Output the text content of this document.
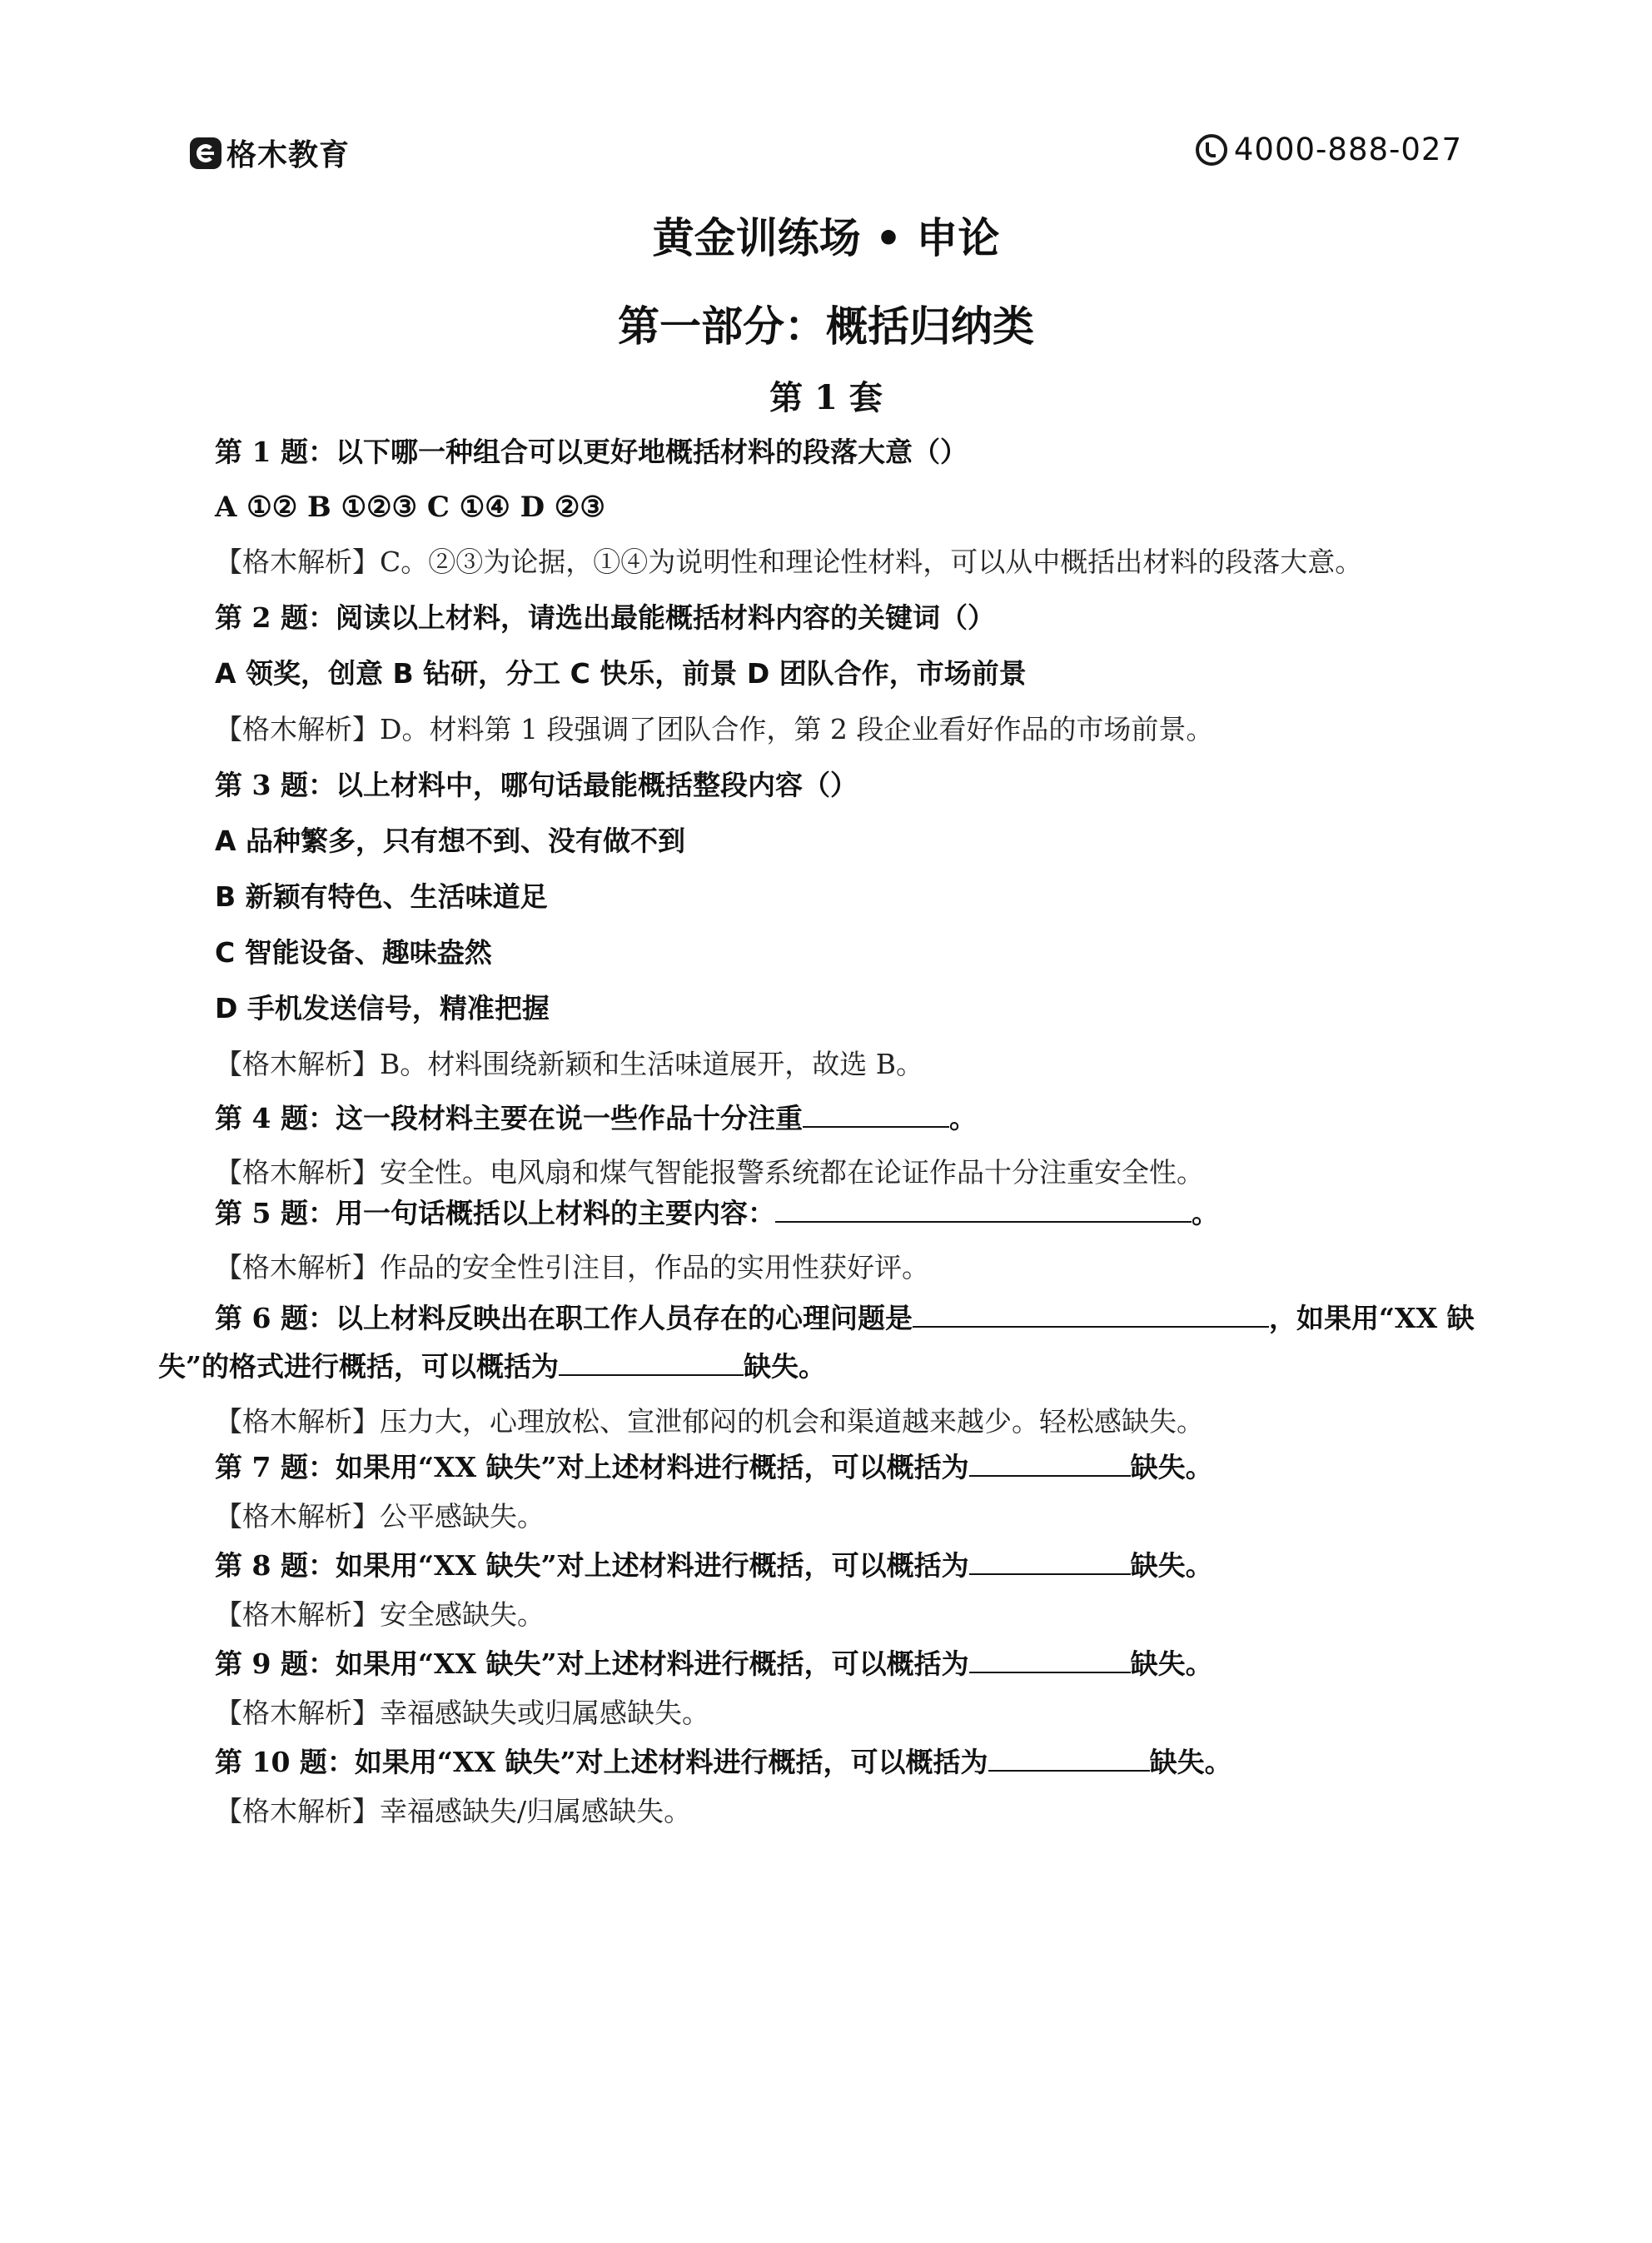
格木教育	4000-888-027
黄金训练场 • 申论
第一部分：概括归纳类
第 1 套
第 1 题：以下哪一种组合可以更好地概括材料的段落大意（）
A ①② B ①②③ C ①④ D ②③
【格木解析】C。②③为论据，①④为说明性和理论性材料，可以从中概括出材料的段落大意。
第 2 题：阅读以上材料，请选出最能概括材料内容的关键词（）
A 领奖，创意 B 钻研，分工 C 快乐，前景 D 团队合作，市场前景
【格木解析】D。材料第 1 段强调了团队合作，第 2 段企业看好作品的市场前景。
第 3 题：以上材料中，哪句话最能概括整段内容（）
A 品种繁多，只有想不到、没有做不到
B 新颖有特色、生活味道足
C 智能设备、趣味盎然
D 手机发送信号，精准把握
【格木解析】B。材料围绕新颖和生活味道展开，故选 B。
第 4 题：这一段材料主要在说一些作品十分注重	。
【格木解析】安全性。电风扇和煤气智能报警系统都在论证作品十分注重安全性。
第 5 题：用一句话概括以上材料的主要内容：	。
【格木解析】作品的安全性引注目，作品的实用性获好评。
第 6 题：以上材料反映出在职工作人员存在的心理问题是	，如果用“XX 缺失”的格式进行概括，可以概括为	缺失。
【格木解析】压力大，心理放松、宣泄郁闷的机会和渠道越来越少。轻松感缺失。
第 7 题：如果用“XX 缺失”对上述材料进行概括，可以概括为	缺失。
【格木解析】公平感缺失。
第 8 题：如果用“XX 缺失”对上述材料进行概括，可以概括为	缺失。
【格木解析】安全感缺失。
第 9 题：如果用“XX 缺失”对上述材料进行概括，可以概括为	缺失。
【格木解析】幸福感缺失或归属感缺失。
第 10 题：如果用“XX 缺失”对上述材料进行概括，可以概括为	缺失。
【格木解析】幸福感缺失/归属感缺失。
